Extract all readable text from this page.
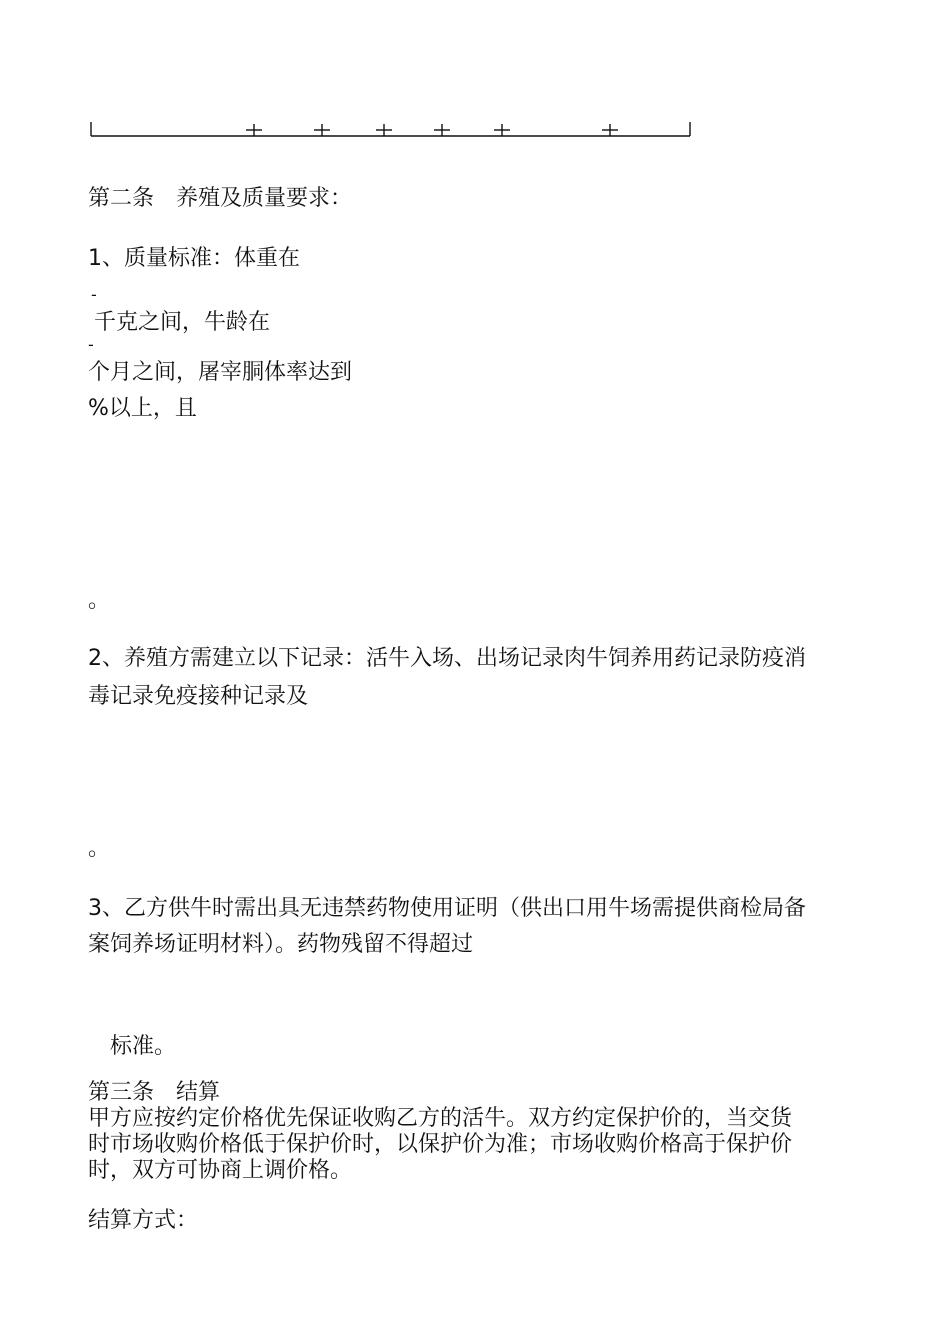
第二条　养殖及质量要求：
1、质量标准：体重在
-
千克之间，牛龄在
-
个月之间，屠宰胴体率达到
%以上，且
。
2、养殖方需建立以下记录：活牛入场、出场记录肉牛饲养用药记录防疫消
毒记录免疫接种记录及
。
3、乙方供牛时需出具无违禁药物使用证明（供出口用牛场需提供商检局备
案饲养场证明材料）。药物残留不得超过
标准。
第三条　结算
甲方应按约定价格优先保证收购乙方的活牛。双方约定保护价的，当交货
时市场收购价格低于保护价时，以保护价为准；市场收购价格高于保护价
时，双方可协商上调价格。
结算方式：
